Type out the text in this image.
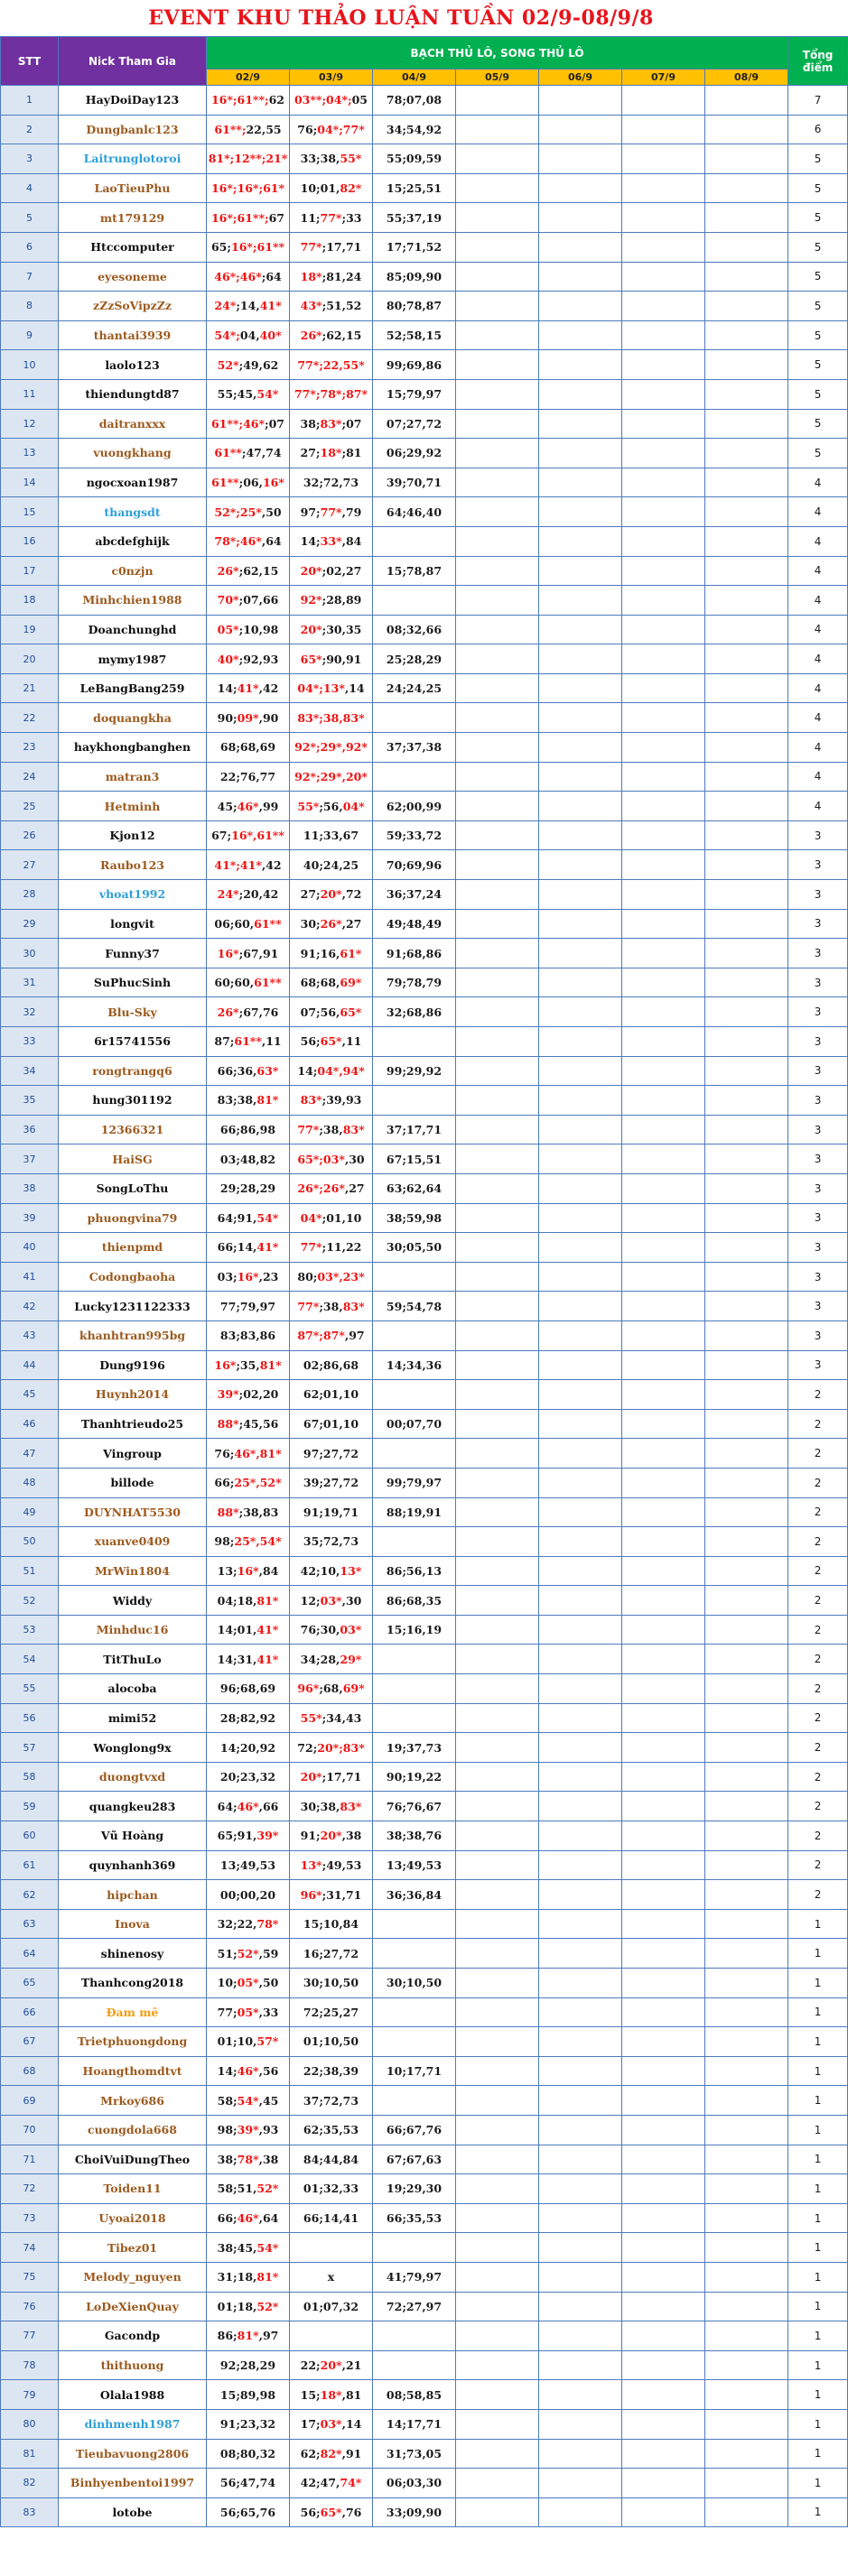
EVENT KHU THẢO LUẬN TUẦN 02/9-08/9/8
STT	Nick Tham Gia	BẠCH THỦ LÔ, SONG THỦ LÔ							Tổng điểm
		02/9	03/9	04/9	05/9	06/9	07/9	08/9	
1	HayDoiDay123	16*;61**;62	03**;04*;05	78;07,08					7
2	Dungbanlc123	61**;22,55	76;04*;77*	34;54,92					6
3	Laitrunglotoroi	81*;12**;21*	33;38,55*	55;09,59					5
4	LaoTieuPhu	16*;16*;61*	10;01,82*	15;25,51					5
5	mt179129	16*;61**;67	11;77*;33	55;37,19					5
6	Htccomputer	65;16*;61**	77*;17,71	17;71,52					5
7	eyesoneme	46*;46*;64	18*;81,24	85;09,90					5
8	zZzSoVipzZz	24*;14,41*	43*;51,52	80;78,87					5
9	thantai3939	54*;04,40*	26*;62,15	52;58,15					5
10	laolo123	52*;49,62	77*;22,55*	99;69,86					5
11	thiendungtd87	55;45,54*	77*;78*;87*	15;79,97					5
12	daitranxxx	61**;46*;07	38;83*;07	07;27,72					5
13	vuongkhang	61**;47,74	27;18*;81	06;29,92					5
14	ngocxoan1987	61**;06,16*	32;72,73	39;70,71					4
15	thangsdt	52*;25*,50	97;77*,79	64;46,40					4
16	abcdefghijk	78*;46*,64	14;33*,84						4
17	c0nzjn	26*;62,15	20*;02,27	15;78,87					4
18	Minhchien1988	70*;07,66	92*;28,89						4
19	Doanchunghd	05*;10,98	20*;30,35	08;32,66					4
20	mymy1987	40*;92,93	65*;90,91	25;28,29					4
21	LeBangBang259	14;41*,42	04*;13*,14	24;24,25					4
22	doquangkha	90;09*,90	83*;38,83*						4
23	haykhongbanghen	68;68,69	92*;29*,92*	37;37,38					4
24	matran3	22;76,77	92*;29*,20*						4
25	Hetminh	45;46*,99	55*;56,04*	62;00,99					4
26	Kjon12	67;16*,61**	11;33,67	59;33,72					3
27	Raubo123	41*;41*,42	40;24,25	70;69,96					3
28	vhoat1992	24*;20,42	27;20*,72	36;37,24					3
29	longvit	06;60,61**	30;26*,27	49;48,49					3
30	Funny37	16*;67,91	91;16,61*	91;68,86					3
31	SuPhucSinh	60;60,61**	68;68,69*	79;78,79					3
32	Blu-Sky	26*;67,76	07;56,65*	32;68,86					3
33	6r15741556	87;61**,11	56;65*,11						3
34	rongtrangq6	66;36,63*	14;04*,94*	99;29,92					3
35	hung301192	83;38,81*	83*;39,93						3
36	12366321	66;86,98	77*;38,83*	37;17,71					3
37	HaiSG	03;48,82	65*;03*,30	67;15,51					3
38	SongLoThu	29;28,29	26*;26*,27	63;62,64					3
39	phuongvina79	64;91,54*	04*;01,10	38;59,98					3
40	thienpmd	66;14,41*	77*;11,22	30;05,50					3
41	Codongbaoha	03;16*,23	80;03*,23*						3
42	Lucky1231122333	77;79,97	77*;38,83*	59;54,78					3
43	khanhtran995bg	83;83,86	87*;87*,97						3
44	Dung9196	16*;35,81*	02;86,68	14;34,36					3
45	Huynh2014	39*;02,20	62;01,10						2
46	Thanhtrieudo25	88*;45,56	67;01,10	00;07,70					2
47	Vingroup	76;46*,81*	97;27,72						2
48	billode	66;25*,52*	39;27,72	99;79,97					2
49	DUYNHAT5530	88*;38,83	91;19,71	88;19,91					2
50	xuanve0409	98;25*,54*	35;72,73						2
51	MrWin1804	13;16*,84	42;10,13*	86;56,13					2
52	Widdy	04;18,81*	12;03*,30	86;68,35					2
53	Minhduc16	14;01,41*	76;30,03*	15;16,19					2
54	TitThuLo	14;31,41*	34;28,29*						2
55	alocoba	96;68,69	96*;68,69*						2
56	mimi52	28;82,92	55*;34,43						2
57	Wonglong9x	14;20,92	72;20*;83*	19;37,73					2
58	duongtvxd	20;23,32	20*;17,71	90;19,22					2
59	quangkeu283	64;46*,66	30;38,83*	76;76,67					2
60	Vũ Hoàng	65;91,39*	91;20*,38	38;38,76					2
61	quynhanh369	13;49,53	13*;49,53	13;49,53					2
62	hipchan	00;00,20	96*;31,71	36;36,84					2
63	Inova	32;22,78*	15;10,84						1
64	shinenosy	51;52*,59	16;27,72						1
65	Thanhcong2018	10;05*,50	30;10,50	30;10,50					1
66	Đam mê	77;05*,33	72;25,27						1
67	Trietphuongdong	01;10,57*	01;10,50						1
68	Hoangthomdtvt	14;46*,56	22;38,39	10;17,71					1
69	Mrkoy686	58;54*,45	37;72,73						1
70	cuongdola668	98;39*,93	62;35,53	66;67,76					1
71	ChoiVuiDungTheo	38;78*,38	84;44,84	67;67,63					1
72	Toiden11	58;51,52*	01;32,33	19;29,30					1
73	Uyoai2018	66;46*,64	66;14,41	66;35,53					1
74	Tibez01	38;45,54*							1
75	Melody_nguyen	31;18,81*	x	41;79,97					1
76	LoDeXienQuay	01;18,52*	01;07,32	72;27,97					1
77	Gacondp	86;81*,97							1
78	thithuong	92;28,29	22;20*,21						1
79	Olala1988	15;89,98	15;18*,81	08;58,85					1
80	dinhmenh1987	91;23,32	17;03*,14	14;17,71					1
81	Tieubavuong2806	08;80,32	62;82*,91	31;73,05					1
82	Binhyenbentoi1997	56;47,74	42;47,74*	06;03,30					1
83	lotobe	56;65,76	56;65*,76	33;09,90					1
